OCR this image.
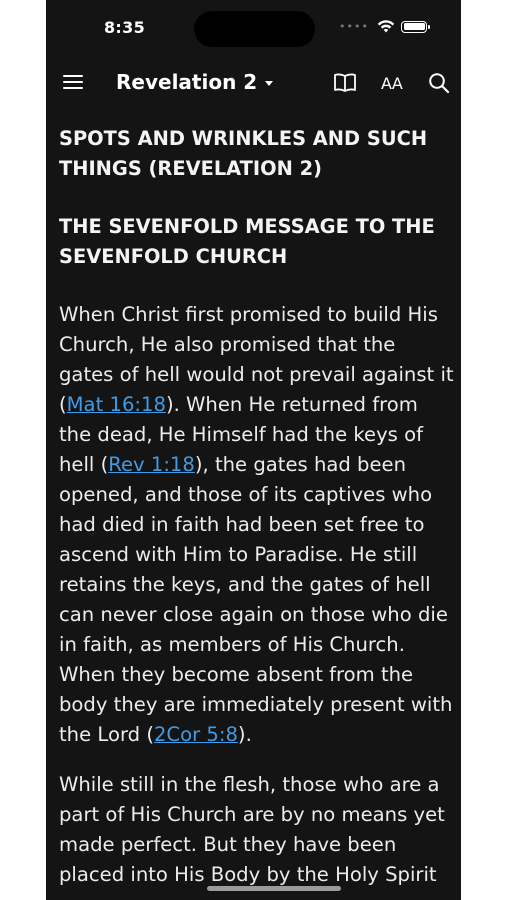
8:35	••••
Revelation 2	AA
SPOTS AND WRINKLES AND SUCH THINGS (REVELATION 2)
THE SEVENFOLD MESSAGE TO THE SEVENFOLD CHURCH

When Christ first promised to build His Church, He also promised that the gates of hell would not prevail against it (Mat 16:18). When He returned from the dead, He Himself had the keys of hell (Rev 1:18), the gates had been opened, and those of its captives who had died in faith had been set free to ascend with Him to Paradise. He still retains the keys, and the gates of hell can never close again on those who die in faith, as members of His Church. When they become absent from the body they are immediately present with the Lord (2Cor 5:8).

While still in the flesh, those who are a part of His Church are by no means yet made perfect. But they have been placed into His Body by the Holy Spirit
